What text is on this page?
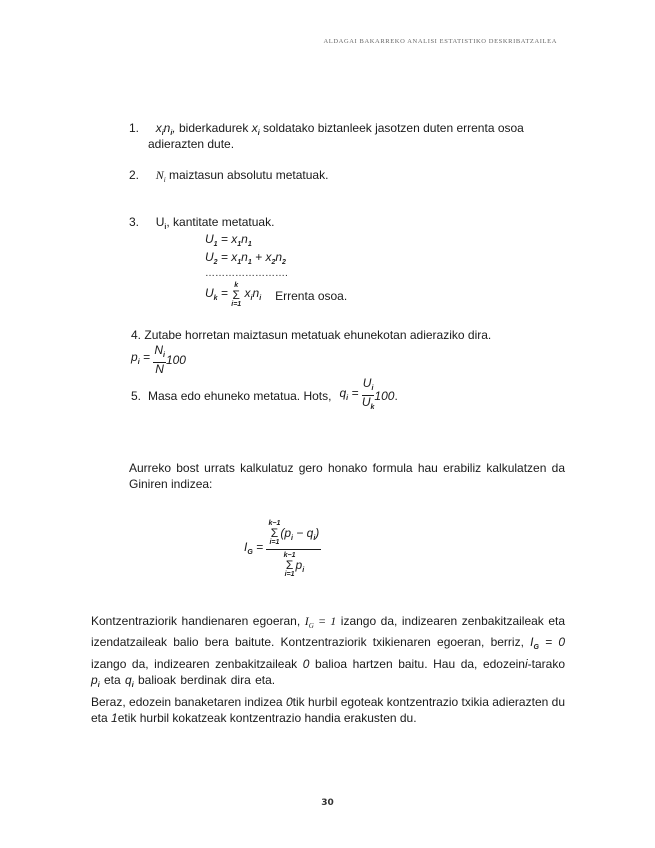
ALDAGAI BAKARREKO ANALISI ESTATISTIKO DESKRIBATZAILEA
1. $x_in_i$, biderkadurek $x_i$ soldatako biztanleek jasotzen duten errenta osoa
adierazten dute.
2. $N_i$ maiztasun absolutu metatuak.
3. $U_i$, kantitate metatuak.
$U_1 = x_1n_1$
$U_2 = x_1n_1 + x_2n_2$
…………………….
$U_k = k$
Σ
i=1
$x_in_i$ Errenta osoa.
4. Zutabe horretan maiztasun metatuak ehunekotan adieraziko dira.
$p_i = \frac{N_i}{N} 100$
5. Masa edo ehuneko metatua. Hots, $q_i = \frac{U_i}{U_k} 100$ .
Aurreko bost urrats kalkulatuz gero honako formula hau erabiliz kalkulatzen da Giniren indizea:
$I_G = k-1$
Σ
i=1
$(p_i - q_i)$
k−1
Σ
i=1
$p_i$
Kontzentraziorik handienaren egoeran, $I_G = 1$ izango da, indizearen zenbakitzaileak eta izendatzaileak balio bera baitute. Kontzentraziorik txikienaren egoeran, berriz, $I_G = 0$ izango da, indizearen zenbakitzaileak 0 balioa hartzen baitu. Hau da, edozeini-tarako $p_i$ eta $q_i$ balioak berdinak dira eta.
Beraz, edozein banaketaren indizea 0tik hurbil egoteak kontzentrazio txikia adierazten du eta 1etik hurbil kokatzeak kontzentrazio handia erakusten du.
30
